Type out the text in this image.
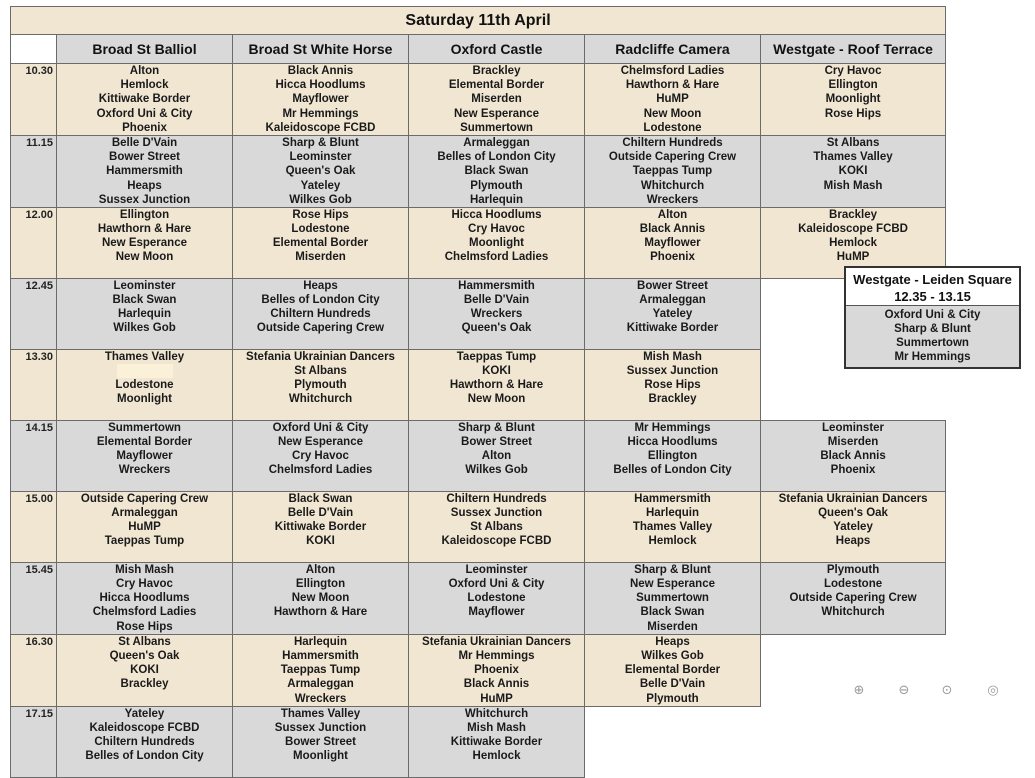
Saturday 11th April					
	Broad St Balliol	Broad St White Horse	Oxford Castle	Radcliffe Camera	Westgate - Roof Terrace
10.30	Alton
Hemlock
Kittiwake Border
Oxford Uni & City
Phoenix	Black Annis
Hicca Hoodlums
Mayflower
Mr Hemmings
Kaleidoscope FCBD	Brackley
Elemental Border
Miserden
New Esperance
Summertown	Chelmsford Ladies
Hawthorn & Hare
HuMP
New Moon
Lodestone	Cry Havoc
Ellington
Moonlight
Rose Hips

11.15	Belle D'Vain
Bower Street
Hammersmith
Heaps
Sussex Junction	Sharp & Blunt
Leominster
Queen's Oak
Yateley
Wilkes Gob	Armaleggan
Belles of London City
Black Swan
Plymouth
Harlequin	Chiltern Hundreds
Outside Capering Crew
Taeppas Tump
Whitchurch
Wreckers	St Albans
Thames Valley
KOKI
Mish Mash

12.00	Ellington
Hawthorn & Hare
New Esperance
New Moon	Rose Hips
Lodestone
Elemental Border
Miserden	Hicca Hoodlums
Cry Havoc
Moonlight
Chelmsford Ladies	Alton
Black Annis
Mayflower
Phoenix	Brackley
Kaleidoscope FCBD
Hemlock
HuMP

12.45	Leominster
Black Swan
Harlequin
Wilkes Gob	Heaps
Belles of London City
Chiltern Hundreds
Outside Capering Crew	Hammersmith
Belle D'Vain
Wreckers
Queen's Oak	Bower Street
Armaleggan
Yateley
Kittiwake Border	

13.30	Thames Valley
Lodestone
Moonlight	Stefania Ukrainian Dancers
St Albans
Plymouth
Whitchurch	Taeppas Tump
KOKI
Hawthorn & Hare
New Moon	Mish Mash
Sussex Junction
Rose Hips
Brackley	

14.15	Summertown
Elemental Border
Mayflower
Wreckers	Oxford Uni & City
New Esperance
Cry Havoc
Chelmsford Ladies	Sharp & Blunt
Bower Street
Alton
Wilkes Gob	Mr Hemmings
Hicca Hoodlums
Ellington
Belles of London City	Leominster
Miserden
Black Annis
Phoenix

15.00	Outside Capering Crew
Armaleggan
HuMP
Taeppas Tump	Black Swan
Belle D'Vain
Kittiwake Border
KOKI	Chiltern Hundreds
Sussex Junction
St Albans
Kaleidoscope FCBD	Hammersmith
Harlequin
Thames Valley
Hemlock	Stefania Ukrainian Dancers
Queen's Oak
Yateley
Heaps

15.45	Mish Mash
Cry Havoc
Hicca Hoodlums
Chelmsford Ladies
Rose Hips	Alton
Ellington
New Moon
Hawthorn & Hare	Leominster
Oxford Uni & City
Lodestone
Mayflower	Sharp & Blunt
New Esperance
Summertown
Black Swan
Miserden	Plymouth
Lodestone
Outside Capering Crew
Whitchurch

16.30	St Albans
Queen's Oak
KOKI
Brackley	Harlequin
Hammersmith
Taeppas Tump
Armaleggan
Wreckers	Stefania Ukrainian Dancers
Mr Hemmings
Phoenix
Black Annis
HuMP	Heaps
Wilkes Gob
Elemental Border
Belle D'Vain
Plymouth	

17.15	Yateley
Kaleidoscope FCBD
Chiltern Hundreds
Belles of London City	Thames Valley
Sussex Junction
Bower Street
Moonlight	Whitchurch
Mish Mash
Kittiwake Border
Hemlock		

Westgate - Leiden Square
12.35 - 13.15
Oxford Uni & City
Sharp & Blunt
Summertown
Mr Hemmings
⊕	⊖ ⊙	◎
